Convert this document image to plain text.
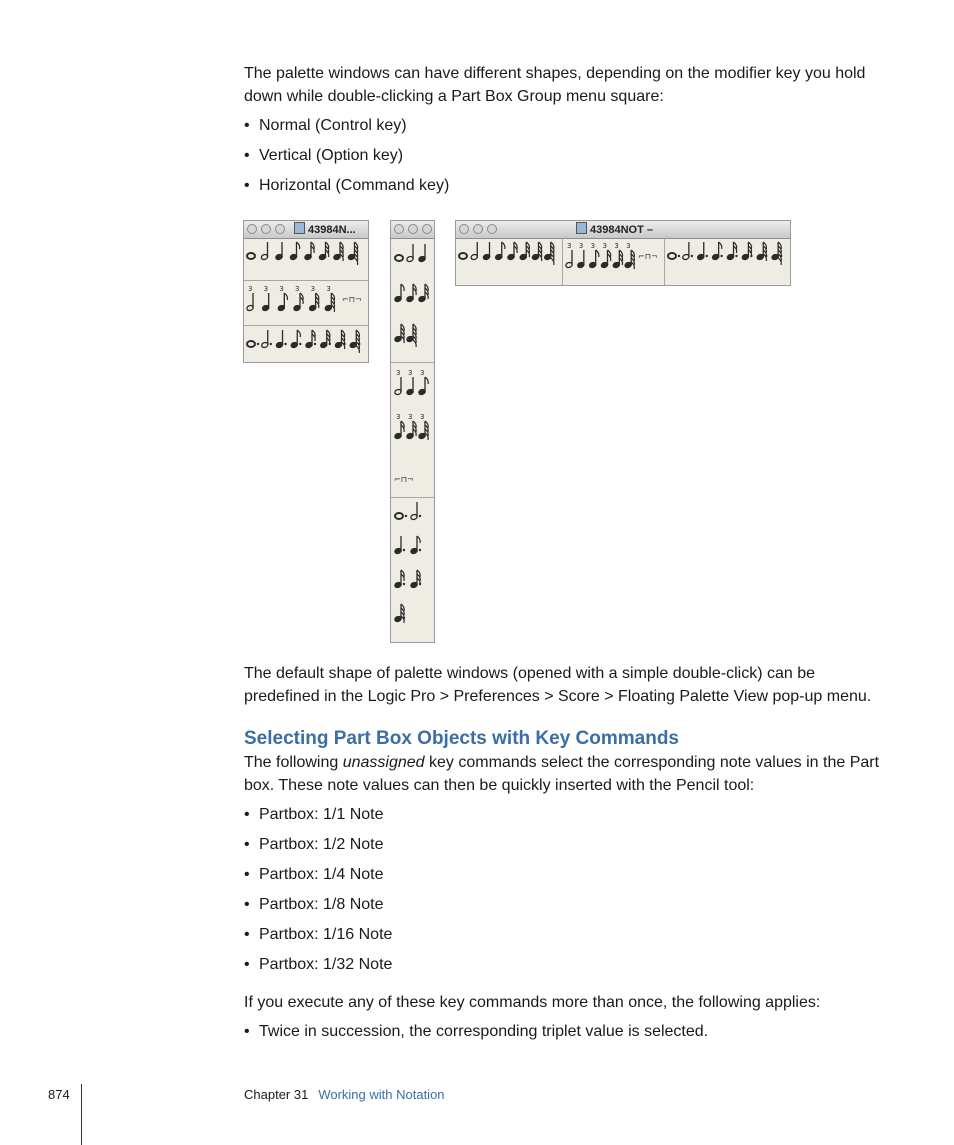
The palette windows can have different shapes, depending on the modifier key you hold down while double-clicking a Part Box Group menu square:

• Normal (Control key)

• Vertical (Option key)

• Horizontal (Command key)

43984N...
3 3 3 3 3 3
⌐⊓¬
3 3 3
3 3 3
⌐⊓¬
43984NOT –
3 3 3 3 3 3
⌐⊓¬

The default shape of palette windows (opened with a simple double-click) can be predefined in the Logic Pro > Preferences > Score > Floating Palette View pop-up menu.

Selecting Part Box Objects with Key Commands

The following unassigned key commands select the corresponding note values in the Part box. These note values can then be quickly inserted with the Pencil tool:

• Partbox: 1/1 Note

• Partbox: 1/2 Note

• Partbox: 1/4 Note

• Partbox: 1/8 Note

• Partbox: 1/16 Note

• Partbox: 1/32 Note

If you execute any of these key commands more than once, the following applies:

• Twice in succession, the corresponding triplet value is selected.

874	Chapter 31 Working with Notation
